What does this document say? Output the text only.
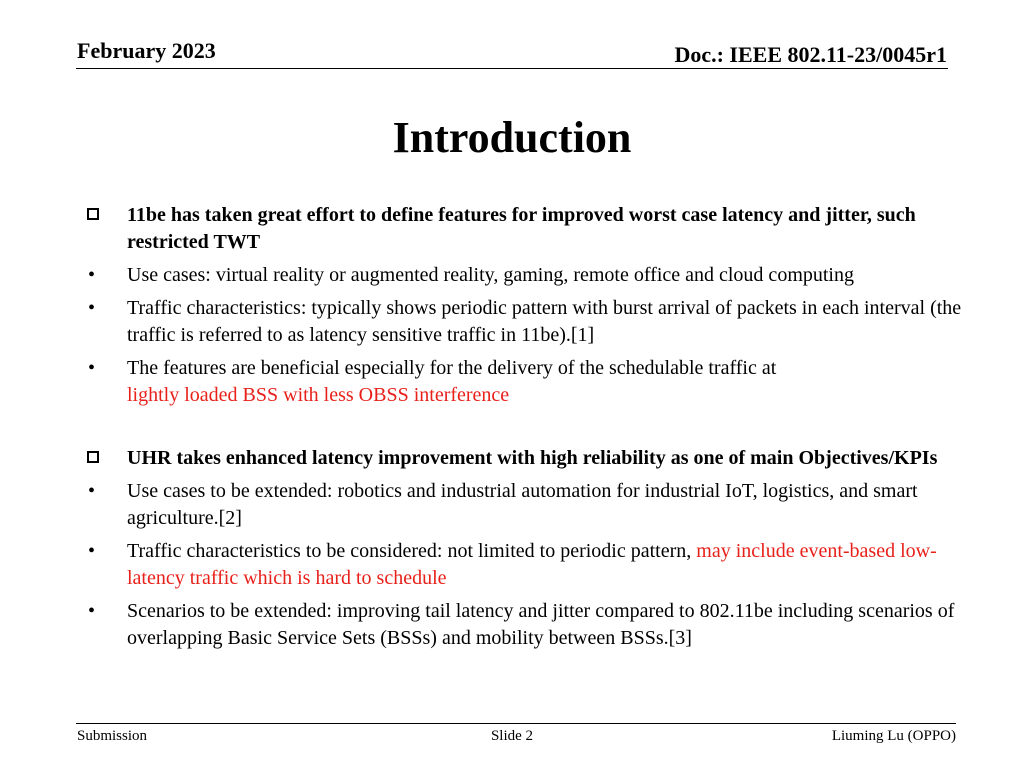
February 2023	Doc.: IEEE 802.11-23/0045r1
Introduction
11be has taken great effort to define features for improved worst case latency and jitter, such restricted TWT
• Use cases: virtual reality or augmented reality, gaming, remote office and cloud computing
• Traffic characteristics: typically shows periodic pattern with burst arrival of packets in each interval (the traffic is referred to as latency sensitive traffic in 11be).[1]
• The features are beneficial especially for the delivery of the schedulable traffic at
lightly loaded BSS with less OBSS interference
UHR takes enhanced latency improvement with high reliability as one of main Objectives/KPIs
• Use cases to be extended: robotics and industrial automation for industrial IoT, logistics, and smart agriculture.[2]
• Traffic characteristics to be considered: not limited to periodic pattern, may include event-based low-latency traffic which is hard to schedule
• Scenarios to be extended: improving tail latency and jitter compared to 802.11be including scenarios of overlapping Basic Service Sets (BSSs) and mobility between BSSs.[3]
Submission	Slide 2	Liuming Lu (OPPO)
